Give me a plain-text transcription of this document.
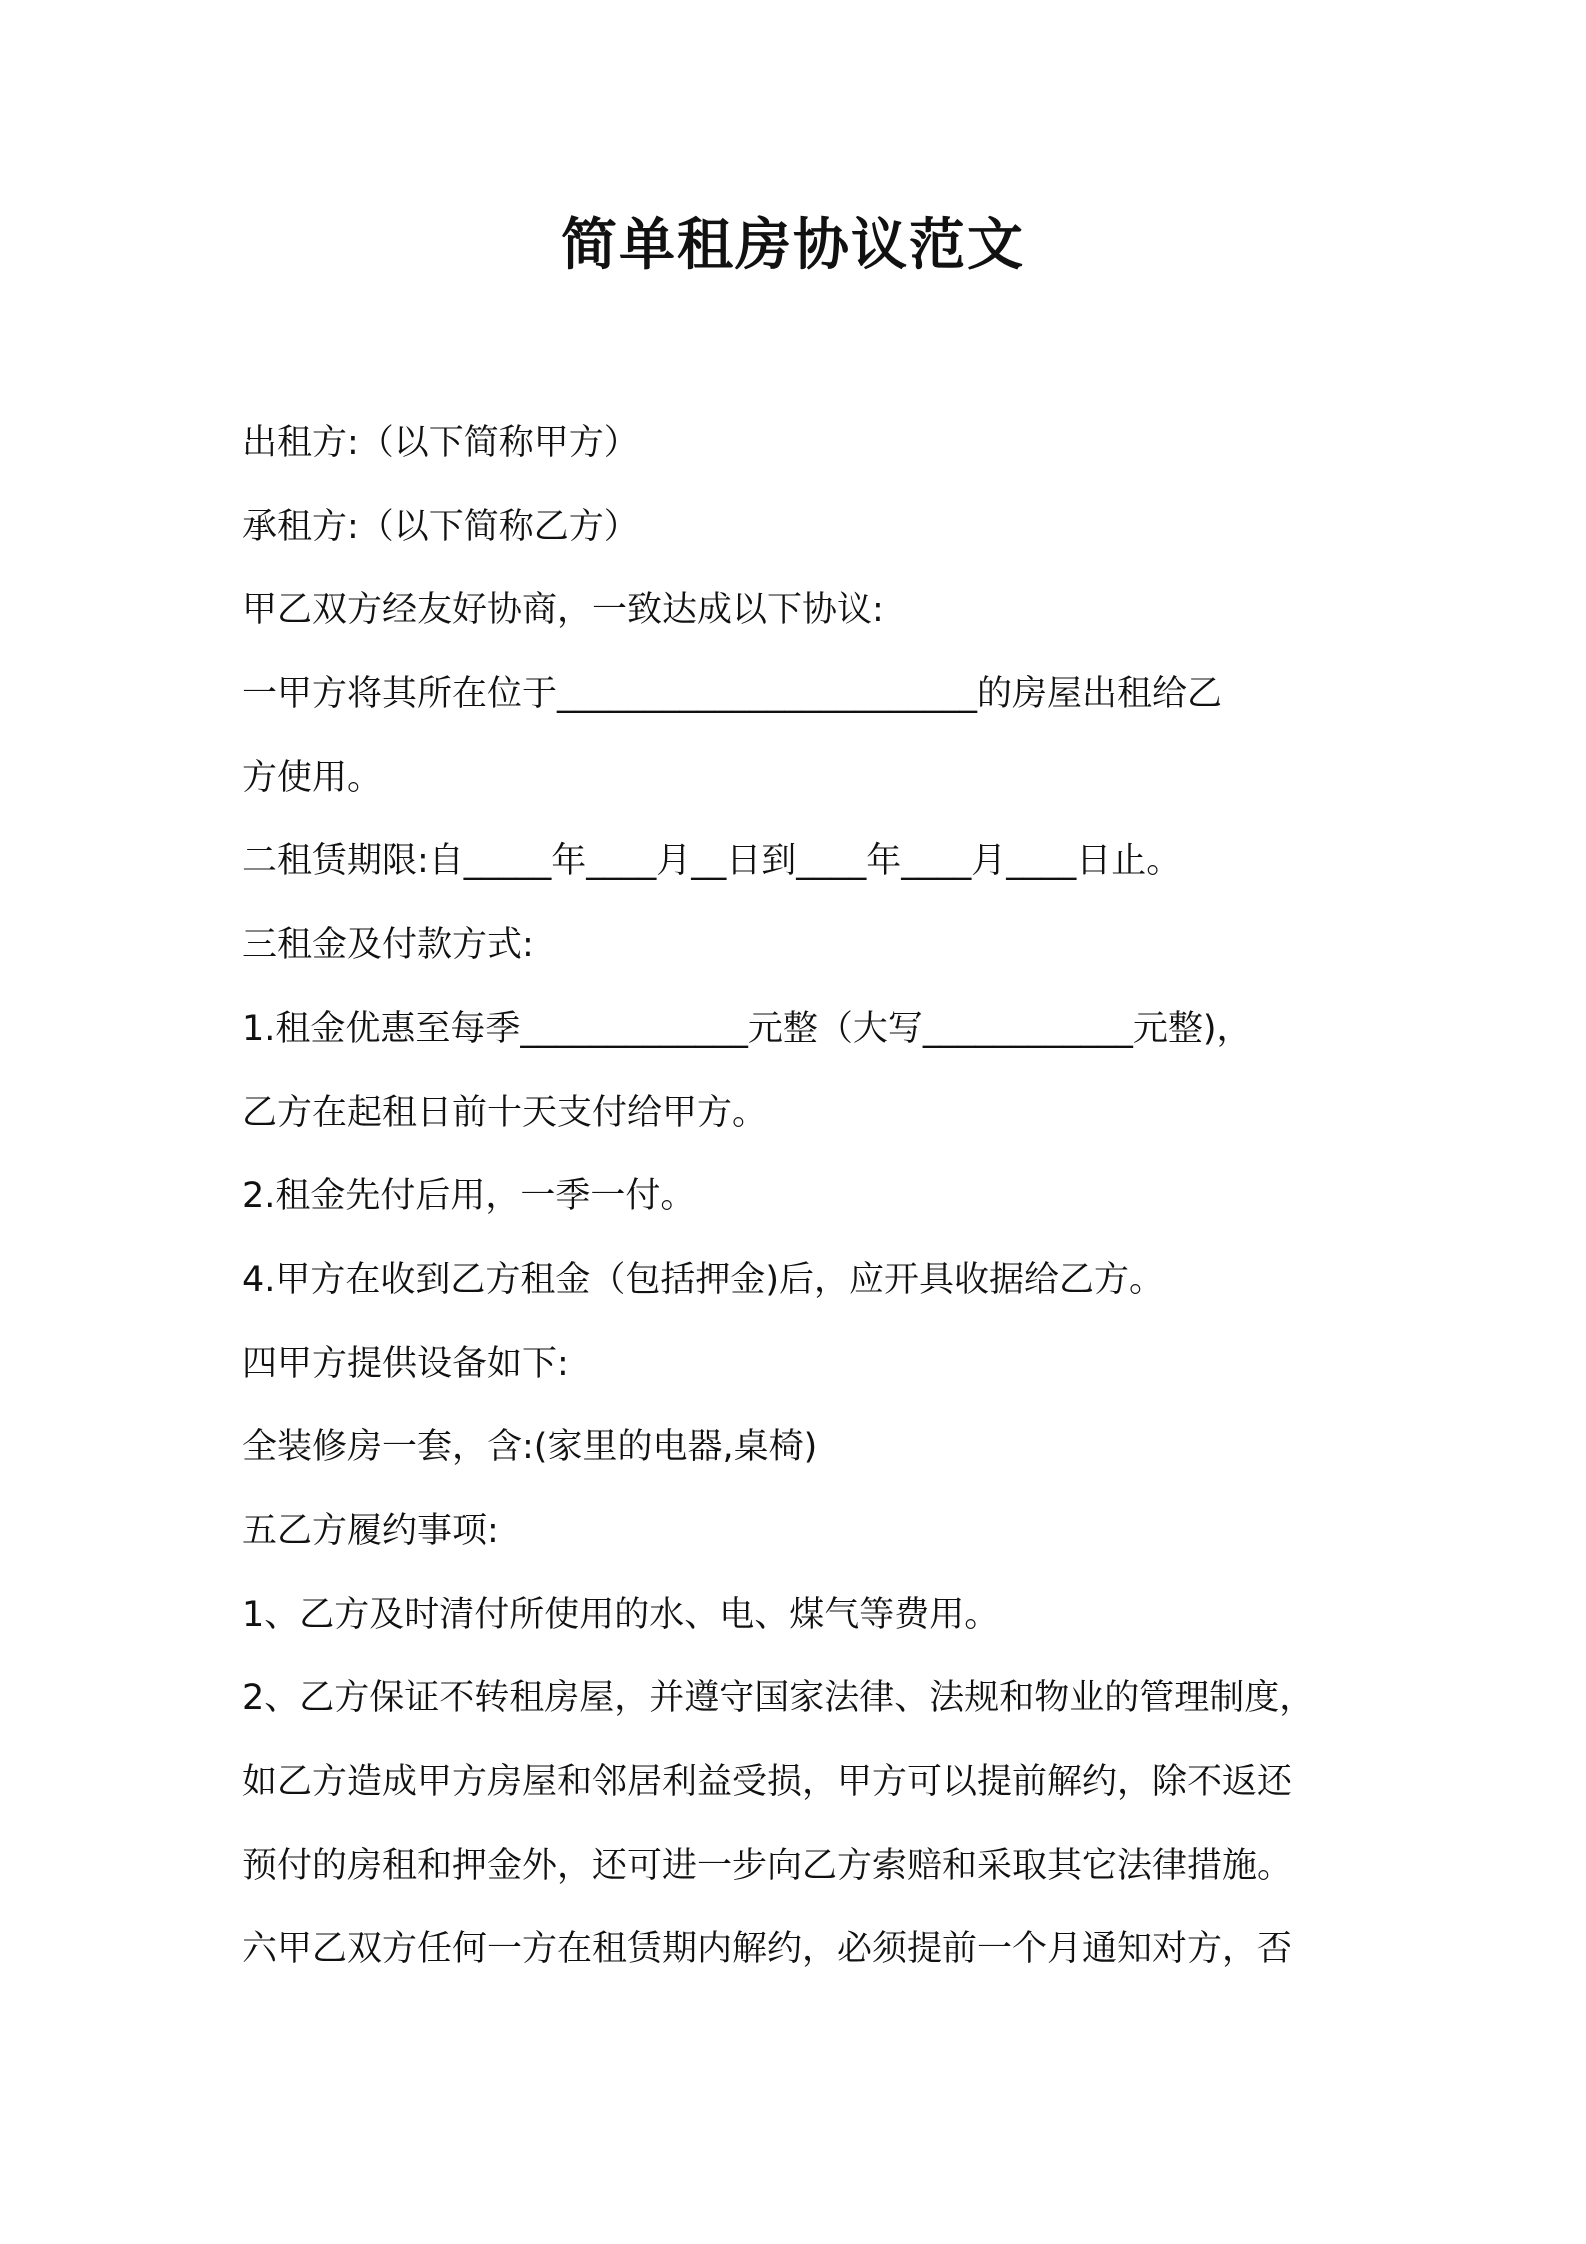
简单租房协议范文

出租方:（以下简称甲方）

承租方:（以下简称乙方）

甲乙双方经友好协商，一致达成以下协议:

一甲方将其所在位于________________________的房屋出租给乙

方使用。

二租赁期限:自_____年____月__日到____年____月____日止。

三租金及付款方式:

1.租金优惠至每季_____________元整（大写____________元整)，

乙方在起租日前十天支付给甲方。

2.租金先付后用，一季一付。

4.甲方在收到乙方租金（包括押金)后，应开具收据给乙方。

四甲方提供设备如下:

全装修房一套，含:(家里的电器,桌椅)

五乙方履约事项:

1、乙方及时清付所使用的水、电、煤气等费用。

2、乙方保证不转租房屋，并遵守国家法律、法规和物业的管理制度，

如乙方造成甲方房屋和邻居利益受损，甲方可以提前解约，除不返还

预付的房租和押金外，还可进一步向乙方索赔和采取其它法律措施。

六甲乙双方任何一方在租赁期内解约，必须提前一个月通知对方，否
